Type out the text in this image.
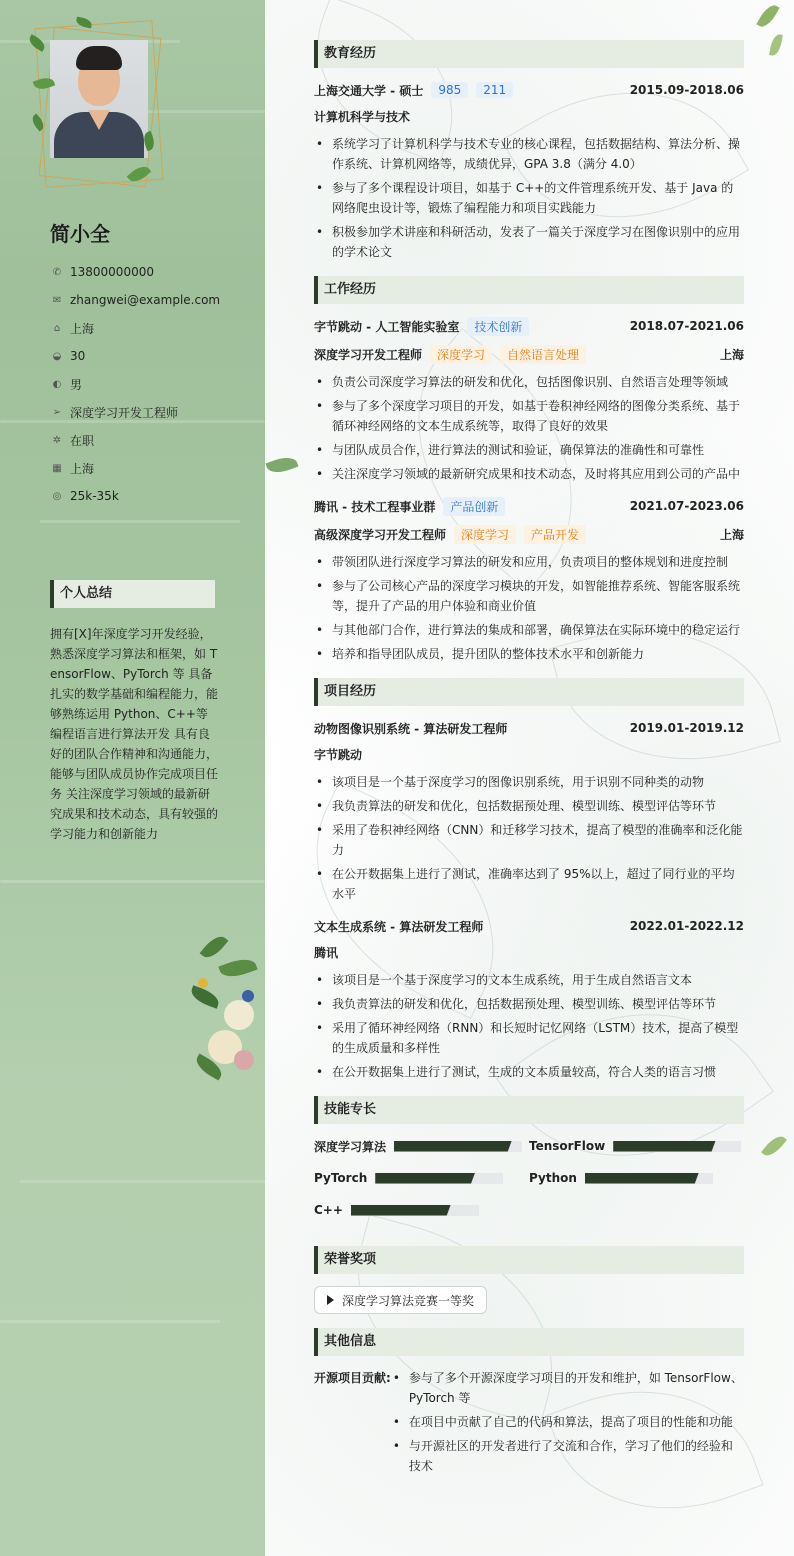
简小全
✆ 13800000000
✉ zhangwei@example.com
⌂ 上海
◒ 30
◐ 男
➢ 深度学习开发工程师
✲ 在职
▦ 上海
◎ 25k-35k
个人总结
拥有[X]年深度学习开发经验，熟悉深度学习算法和框架，如 TensorFlow、PyTorch 等 具备扎实的数学基础和编程能力，能够熟练运用 Python、C++等编程语言进行算法开发 具有良好的团队合作精神和沟通能力，能够与团队成员协作完成项目任务 关注深度学习领域的最新研究成果和技术动态，具有较强的学习能力和创新能力
教育经历
上海交通大学 - 硕士	985	211	2015.09-2018.06
计算机科学与技术
• 系统学习了计算机科学与技术专业的核心课程，包括数据结构、算法分析、操作系统、计算机网络等，成绩优异，GPA 3.8（满分 4.0）
• 参与了多个课程设计项目，如基于 C++的文件管理系统开发、基于 Java 的网络爬虫设计等，锻炼了编程能力和项目实践能力
• 积极参加学术讲座和科研活动，发表了一篇关于深度学习在图像识别中的应用的学术论文
工作经历
字节跳动 - 人工智能实验室	技术创新	2018.07-2021.06
深度学习开发工程师	深度学习	自然语言处理	上海
• 负责公司深度学习算法的研发和优化，包括图像识别、自然语言处理等领域
• 参与了多个深度学习项目的开发，如基于卷积神经网络的图像分类系统、基于循环神经网络的文本生成系统等，取得了良好的效果
• 与团队成员合作，进行算法的测试和验证，确保算法的准确性和可靠性
• 关注深度学习领域的最新研究成果和技术动态，及时将其应用到公司的产品中
腾讯 - 技术工程事业群	产品创新	2021.07-2023.06
高级深度学习开发工程师	深度学习	产品开发	上海
• 带领团队进行深度学习算法的研发和应用，负责项目的整体规划和进度控制
• 参与了公司核心产品的深度学习模块的开发，如智能推荐系统、智能客服系统等，提升了产品的用户体验和商业价值
• 与其他部门合作，进行算法的集成和部署，确保算法在实际环境中的稳定运行
• 培养和指导团队成员，提升团队的整体技术水平和创新能力
项目经历
动物图像识别系统 - 算法研发工程师	2019.01-2019.12
字节跳动
• 该项目是一个基于深度学习的图像识别系统，用于识别不同种类的动物
• 我负责算法的研发和优化，包括数据预处理、模型训练、模型评估等环节
• 采用了卷积神经网络（CNN）和迁移学习技术，提高了模型的准确率和泛化能力
• 在公开数据集上进行了测试，准确率达到了 95%以上，超过了同行业的平均水平
文本生成系统 - 算法研发工程师	2022.01-2022.12
腾讯
• 该项目是一个基于深度学习的文本生成系统，用于生成自然语言文本
• 我负责算法的研发和优化，包括数据预处理、模型训练、模型评估等环节
• 采用了循环神经网络（RNN）和长短时记忆网络（LSTM）技术，提高了模型的生成质量和多样性
• 在公开数据集上进行了测试，生成的文本质量较高，符合人类的语言习惯
技能专长
深度学习算法	TensorFlow
PyTorch	Python
C++
荣誉奖项
深度学习算法竞赛一等奖
其他信息
开源项目贡献:
•	参与了多个开源深度学习项目的开发和维护，如 TensorFlow、PyTorch 等
• 在项目中贡献了自己的代码和算法，提高了项目的性能和功能
• 与开源社区的开发者进行了交流和合作，学习了他们的经验和技术
